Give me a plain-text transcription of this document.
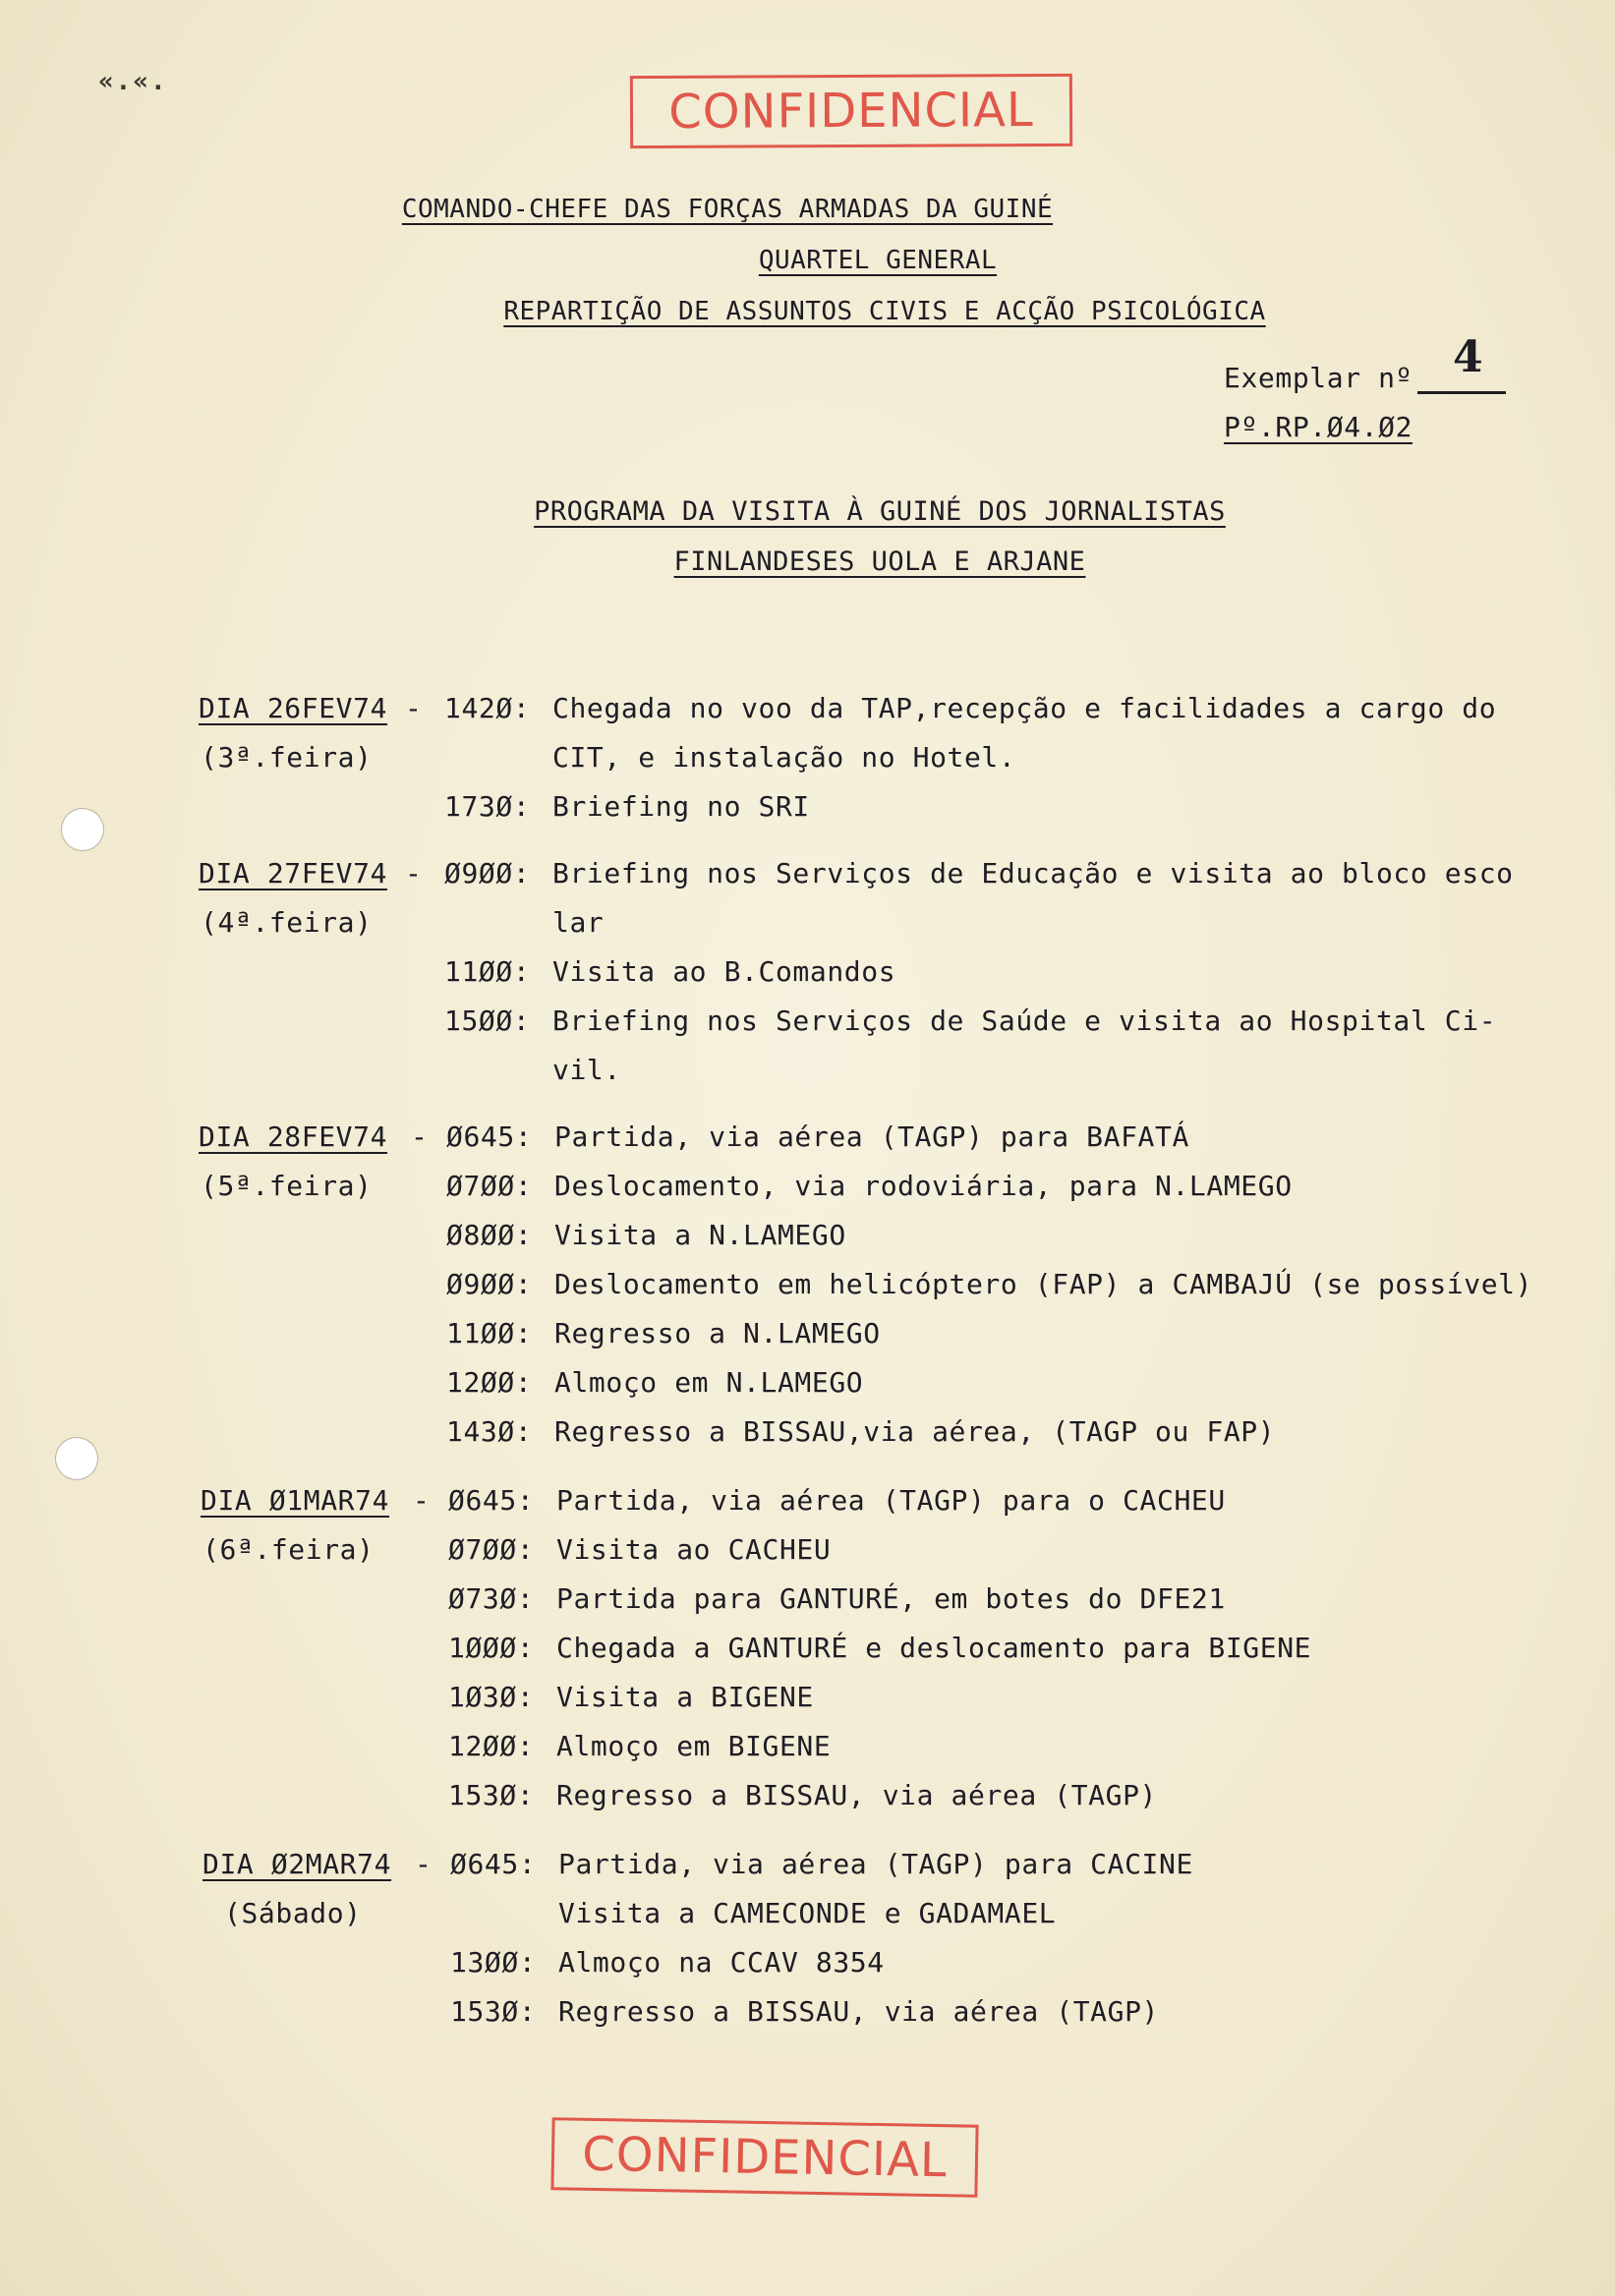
«.«.
CONFIDENCIAL
COMANDO-CHEFE DAS FORÇAS ARMADAS DA GUINÉ
QUARTEL GENERAL
REPARTIÇÃO DE ASSUNTOS CIVIS E ACÇÃO PSICOLÓGICA
Exemplar nº 4
Pº.RP.Ø4.Ø2
PROGRAMA DA VISITA À GUINÉ DOS JORNALISTAS
FINLANDESES UOLA E ARJANE
DIA 26FEV74 -
(3ª.feira)
142Ø: Chegada no voo da TAP,recepção e facilidades a cargo do
CIT, e instalação no Hotel.
173Ø: Briefing no SRI
DIA 27FEV74 -
(4ª.feira)
Ø9ØØ: Briefing nos Serviços de Educação e visita ao bloco esco
lar
11ØØ: Visita ao B.Comandos
15ØØ: Briefing nos Serviços de Saúde e visita ao Hospital Ci-
vil.
DIA 28FEV74 -
(5ª.feira)
Ø645: Partida, via aérea (TAGP) para BAFATÁ
Ø7ØØ: Deslocamento, via rodoviária, para N.LAMEGO
Ø8ØØ: Visita a N.LAMEGO
Ø9ØØ: Deslocamento em helicóptero (FAP) a CAMBAJÚ (se possível)
11ØØ: Regresso a N.LAMEGO
12ØØ: Almoço em N.LAMEGO
143Ø: Regresso a BISSAU,via aérea, (TAGP ou FAP)
DIA Ø1MAR74 -
(6ª.feira)
Ø645: Partida, via aérea (TAGP) para o CACHEU
Ø7ØØ: Visita ao CACHEU
Ø73Ø: Partida para GANTURÉ, em botes do DFE21
1ØØØ: Chegada a GANTURÉ e deslocamento para BIGENE
1Ø3Ø: Visita a BIGENE
12ØØ: Almoço em BIGENE
153Ø: Regresso a BISSAU, via aérea (TAGP)
DIA Ø2MAR74 -
(Sábado)
Ø645: Partida, via aérea (TAGP) para CACINE
Visita a CAMECONDE e GADAMAEL
13ØØ: Almoço na CCAV 8354
153Ø: Regresso a BISSAU, via aérea (TAGP)
CONFIDENCIAL
